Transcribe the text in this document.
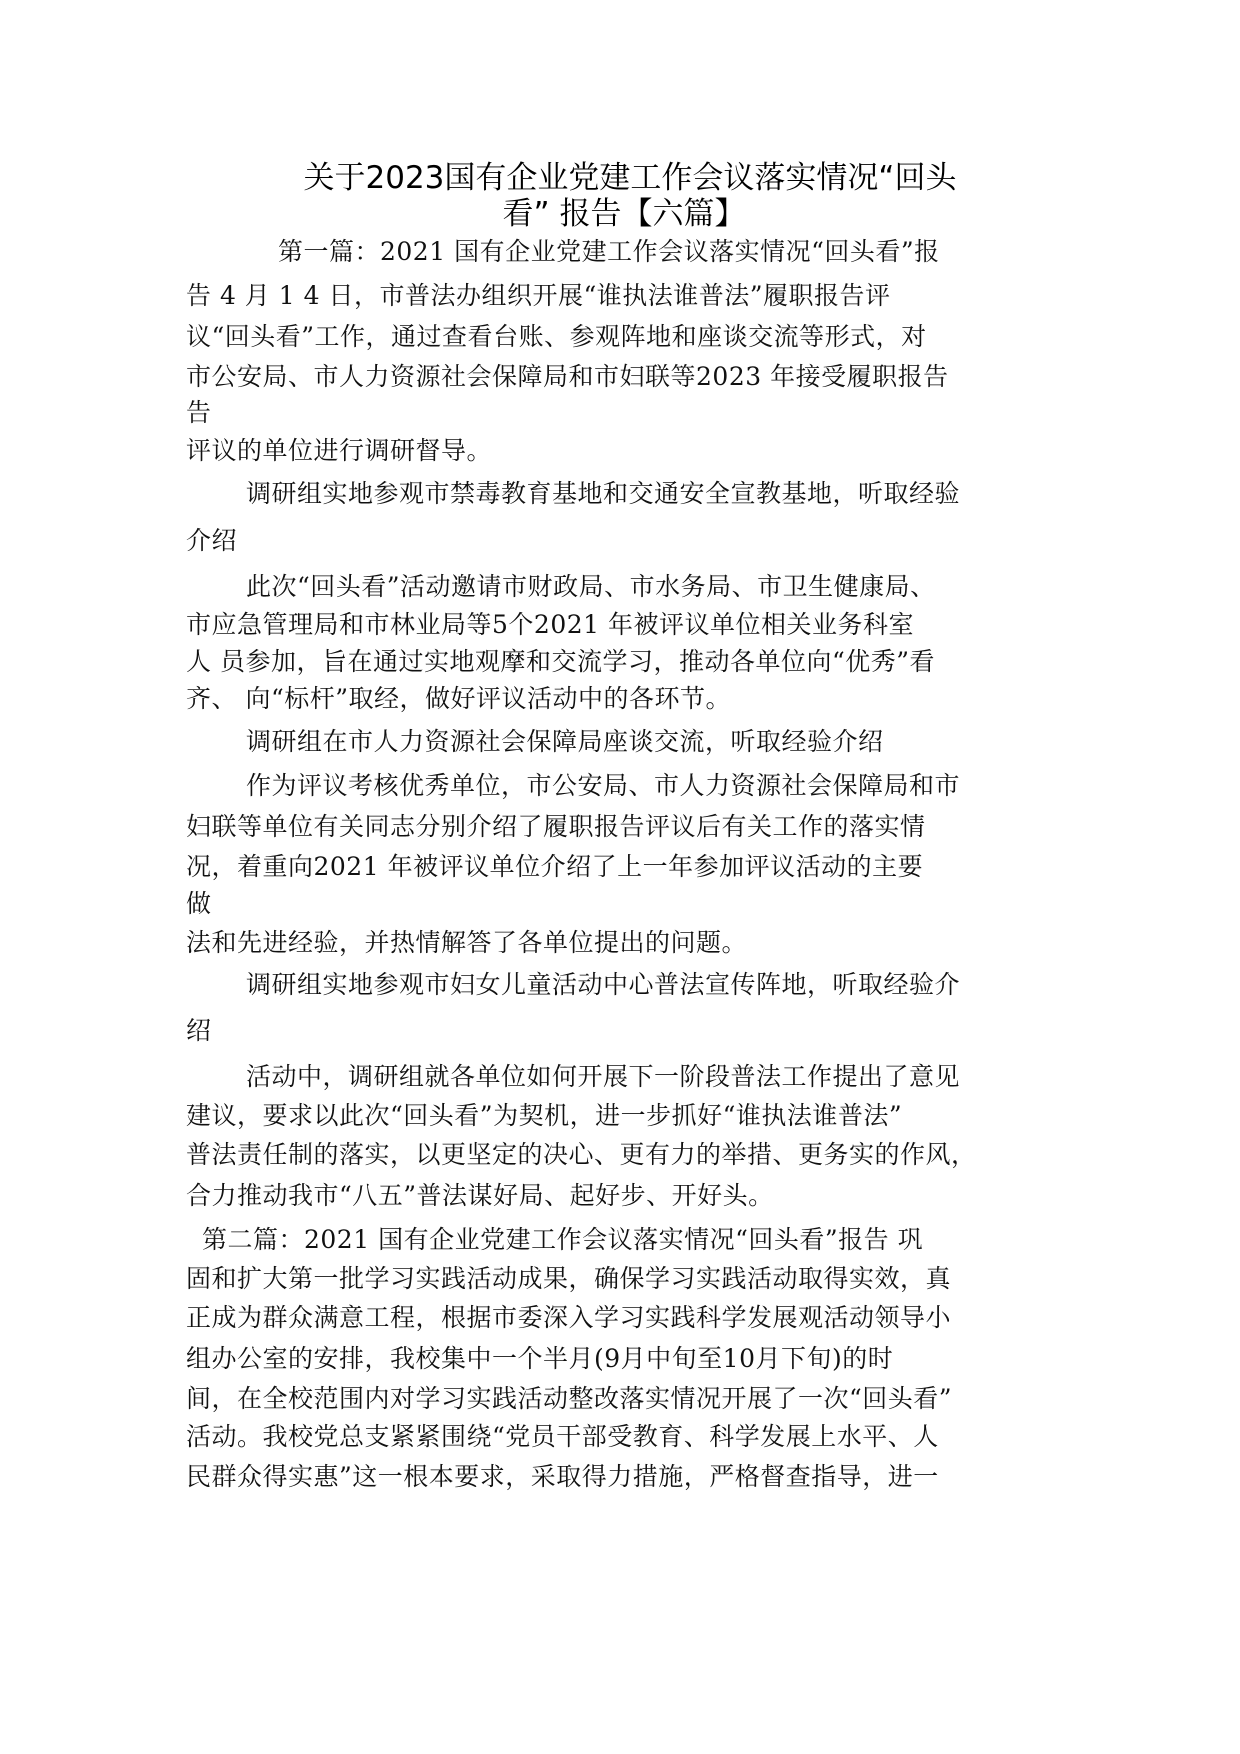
关于2023国有企业党建工作会议落实情况“回头
看” 报告【六篇】
第一篇：2021 国有企业党建工作会议落实情况“回头看”报
告 4 月 1 4 日，市普法办组织开展“谁执法谁普法”履职报告评
议“回头看”工作，通过查看台账、参观阵地和座谈交流等形式，对
市公安局、市人力资源社会保障局和市妇联等2023 年接受履职报告
告
评议的单位进行调研督导。
调研组实地参观市禁毒教育基地和交通安全宣教基地，听取经验
介绍
此次“回头看”活动邀请市财政局、市水务局、市卫生健康局、
市应急管理局和市林业局等5个2021 年被评议单位相关业务科室
人 员参加，旨在通过实地观摩和交流学习，推动各单位向“优秀”看
齐、 向“标杆”取经，做好评议活动中的各环节。
调研组在市人力资源社会保障局座谈交流，听取经验介绍
作为评议考核优秀单位，市公安局、市人力资源社会保障局和市
妇联等单位有关同志分别介绍了履职报告评议后有关工作的落实情
况，着重向2021 年被评议单位介绍了上一年参加评议活动的主要
做
法和先进经验，并热情解答了各单位提出的问题。
调研组实地参观市妇女儿童活动中心普法宣传阵地，听取经验介
绍
活动中，调研组就各单位如何开展下一阶段普法工作提出了意见
建议，要求以此次“回头看”为契机，进一步抓好“谁执法谁普法”
普法责任制的落实，以更坚定的决心、更有力的举措、更务实的作风，
合力推动我市“八五”普法谋好局、起好步、开好头。
第二篇：2021 国有企业党建工作会议落实情况“回头看”报告 巩
固和扩大第一批学习实践活动成果，确保学习实践活动取得实效，真
正成为群众满意工程，根据市委深入学习实践科学发展观活动领导小
组办公室的安排，我校集中一个半月(9月中旬至10月下旬)的时
间，在全校范围内对学习实践活动整改落实情况开展了一次“回头看”
活动。我校党总支紧紧围绕“党员干部受教育、科学发展上水平、人
民群众得实惠”这一根本要求，采取得力措施，严格督查指导，进一
